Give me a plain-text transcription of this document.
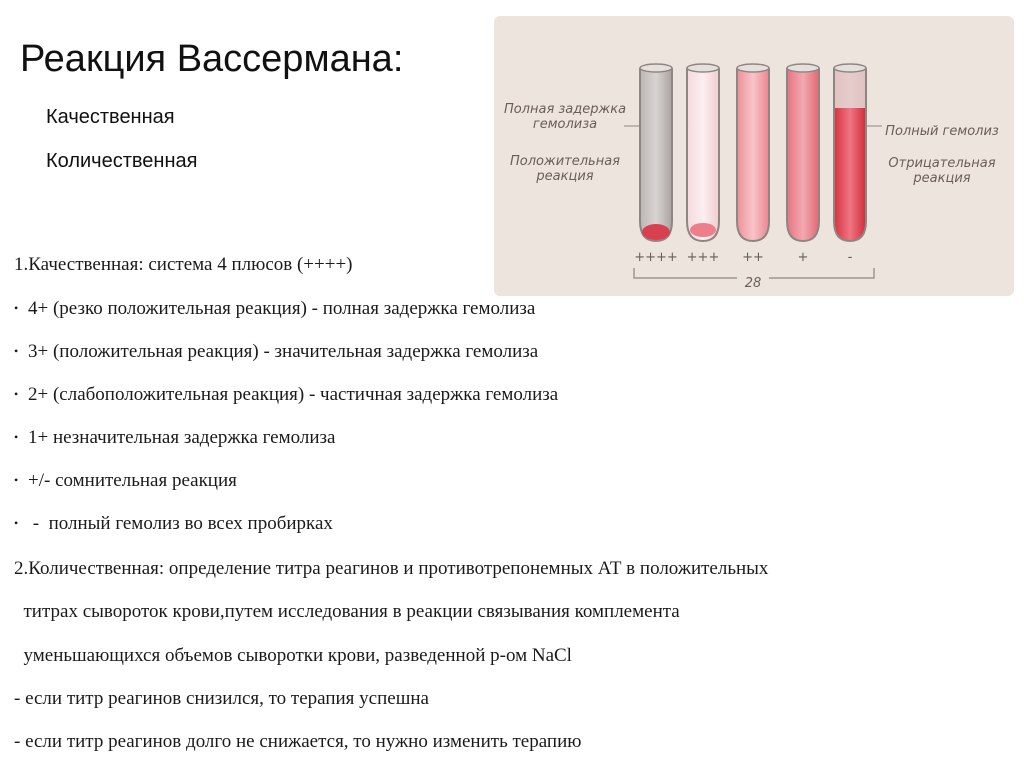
Реакция Вассермана:
Качественная
Количественная
Полная задержка гемолиза
Положительная реакция
Полный гемолиз
Отрицательная реакция
++++ +++	++	+	-
28
1.Качественная: система 4 плюсов (++++)
• 4+ (резко положительная реакция) - полная задержка гемолиза
• 3+ (положительная реакция) - значительная задержка гемолиза
• 2+ (слабоположительная реакция) - частичная задержка гемолиза
• 1+ незначительная задержка гемолиза
• +/- сомнительная реакция
• -  полный гемолиз во всех пробирках
2.Количественная: определение титра реагинов и противотрепонемных АТ в положительных
титрах сывороток крови,путем исследования в реакции связывания комплемента
уменьшающихся объемов сыворотки крови, разведенной р-ом NaCl
- если титр реагинов снизился, то терапия успешна
- если титр реагинов долго не снижается, то нужно изменить терапию
